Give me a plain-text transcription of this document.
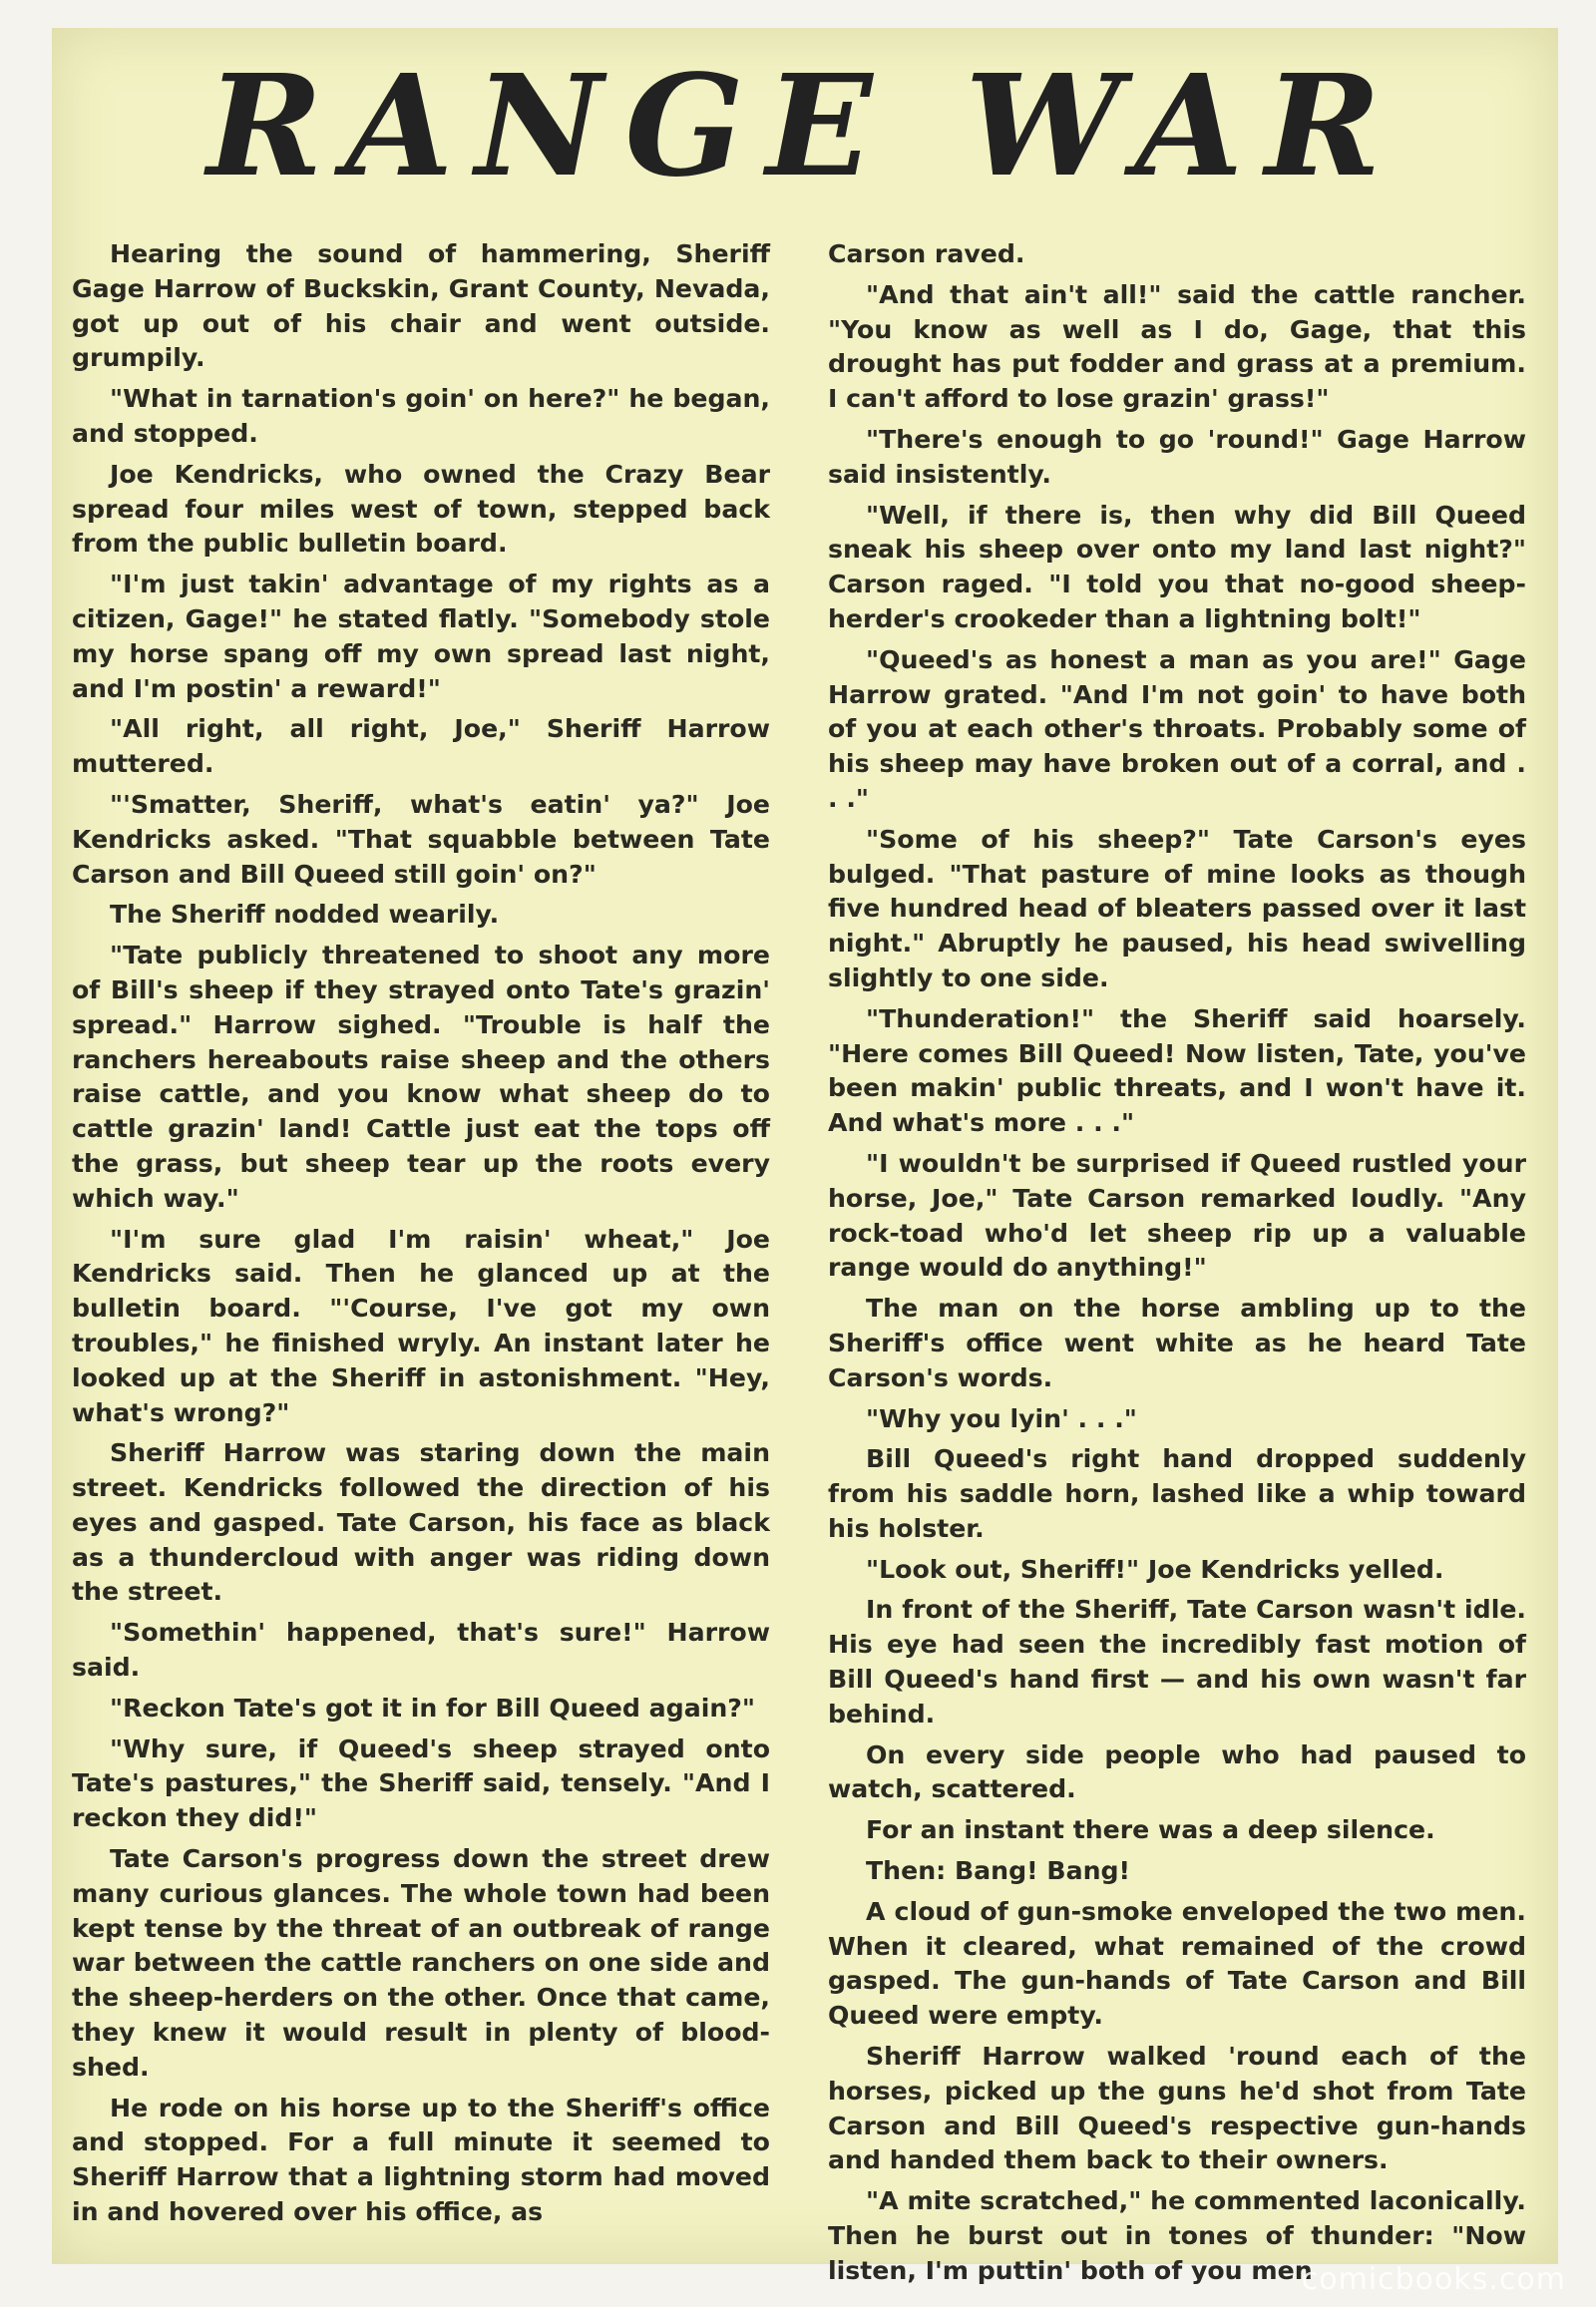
RANGE WAR

Hearing the sound of hammering, Sheriff Gage Harrow of Buckskin, Grant County, Nevada, got up out of his chair and went outside. grumpily.

"What in tarnation's goin' on here?" he began, and stopped.

Joe Kendricks, who owned the Crazy Bear spread four miles west of town, stepped back from the public bulletin board.

"I'm just takin' advantage of my rights as a citizen, Gage!" he stated flatly. "Somebody stole my horse spang off my own spread last night, and I'm postin' a reward!"

"All right, all right, Joe," Sheriff Harrow muttered.

"'Smatter, Sheriff, what's eatin' ya?" Joe Kendricks asked. "That squabble between Tate Carson and Bill Queed still goin' on?"

The Sheriff nodded wearily.

"Tate publicly threatened to shoot any more of Bill's sheep if they strayed onto Tate's grazin' spread." Harrow sighed. "Trouble is half the ranchers hereabouts raise sheep and the others raise cattle, and you know what sheep do to cattle grazin' land! Cattle just eat the tops off the grass, but sheep tear up the roots every which way."

"I'm sure glad I'm raisin' wheat," Joe Kendricks said. Then he glanced up at the bulletin board. "'Course, I've got my own troubles," he finished wryly. An instant later he looked up at the Sheriff in astonishment. "Hey, what's wrong?"

Sheriff Harrow was staring down the main street. Kendricks followed the direction of his eyes and gasped. Tate Carson, his face as black as a thundercloud with anger was riding down the street.

"Somethin' happened, that's sure!" Harrow said.

"Reckon Tate's got it in for Bill Queed again?"

"Why sure, if Queed's sheep strayed onto Tate's pastures," the Sheriff said, tensely. "And I reckon they did!"

Tate Carson's progress down the street drew many curious glances. The whole town had been kept tense by the threat of an outbreak of range war between the cattle ranchers on one side and the sheep-herders on the other. Once that came, they knew it would result in plenty of blood-shed.

He rode on his horse up to the Sheriff's office and stopped. For a full minute it seemed to Sheriff Harrow that a lightning storm had moved in and hovered over his office, as

Carson raved.

"And that ain't all!" said the cattle rancher. "You know as well as I do, Gage, that this drought has put fodder and grass at a premium. I can't afford to lose grazin' grass!"

"There's enough to go 'round!" Gage Harrow said insistently.

"Well, if there is, then why did Bill Queed sneak his sheep over onto my land last night?" Carson raged. "I told you that no-good sheep-herder's crookeder than a lightning bolt!"

"Queed's as honest a man as you are!" Gage Harrow grated. "And I'm not goin' to have both of you at each other's throats. Probably some of his sheep may have broken out of a corral, and . . ."

"Some of his sheep?" Tate Carson's eyes bulged. "That pasture of mine looks as though five hundred head of bleaters passed over it last night." Abruptly he paused, his head swivelling slightly to one side.

"Thunderation!" the Sheriff said hoarsely. "Here comes Bill Queed! Now listen, Tate, you've been makin' public threats, and I won't have it. And what's more . . ."

"I wouldn't be surprised if Queed rustled your horse, Joe," Tate Carson remarked loudly. "Any rock-toad who'd let sheep rip up a valuable range would do anything!"

The man on the horse ambling up to the Sheriff's office went white as he heard Tate Carson's words.

"Why you lyin' . . ."

Bill Queed's right hand dropped suddenly from his saddle horn, lashed like a whip toward his holster.

"Look out, Sheriff!" Joe Kendricks yelled.

In front of the Sheriff, Tate Carson wasn't idle. His eye had seen the incredibly fast motion of Bill Queed's hand first — and his own wasn't far behind.

On every side people who had paused to watch, scattered.

For an instant there was a deep silence.

Then: Bang! Bang!

A cloud of gun-smoke enveloped the two men. When it cleared, what remained of the crowd gasped. The gun-hands of Tate Carson and Bill Queed were empty.

Sheriff Harrow walked 'round each of the horses, picked up the guns he'd shot from Tate Carson and Bill Queed's respective gun-hands and handed them back to their owners.

"A mite scratched," he commented laconically. Then he burst out in tones of thunder: "Now listen, I'm puttin' both of you men

comicbooks.com
